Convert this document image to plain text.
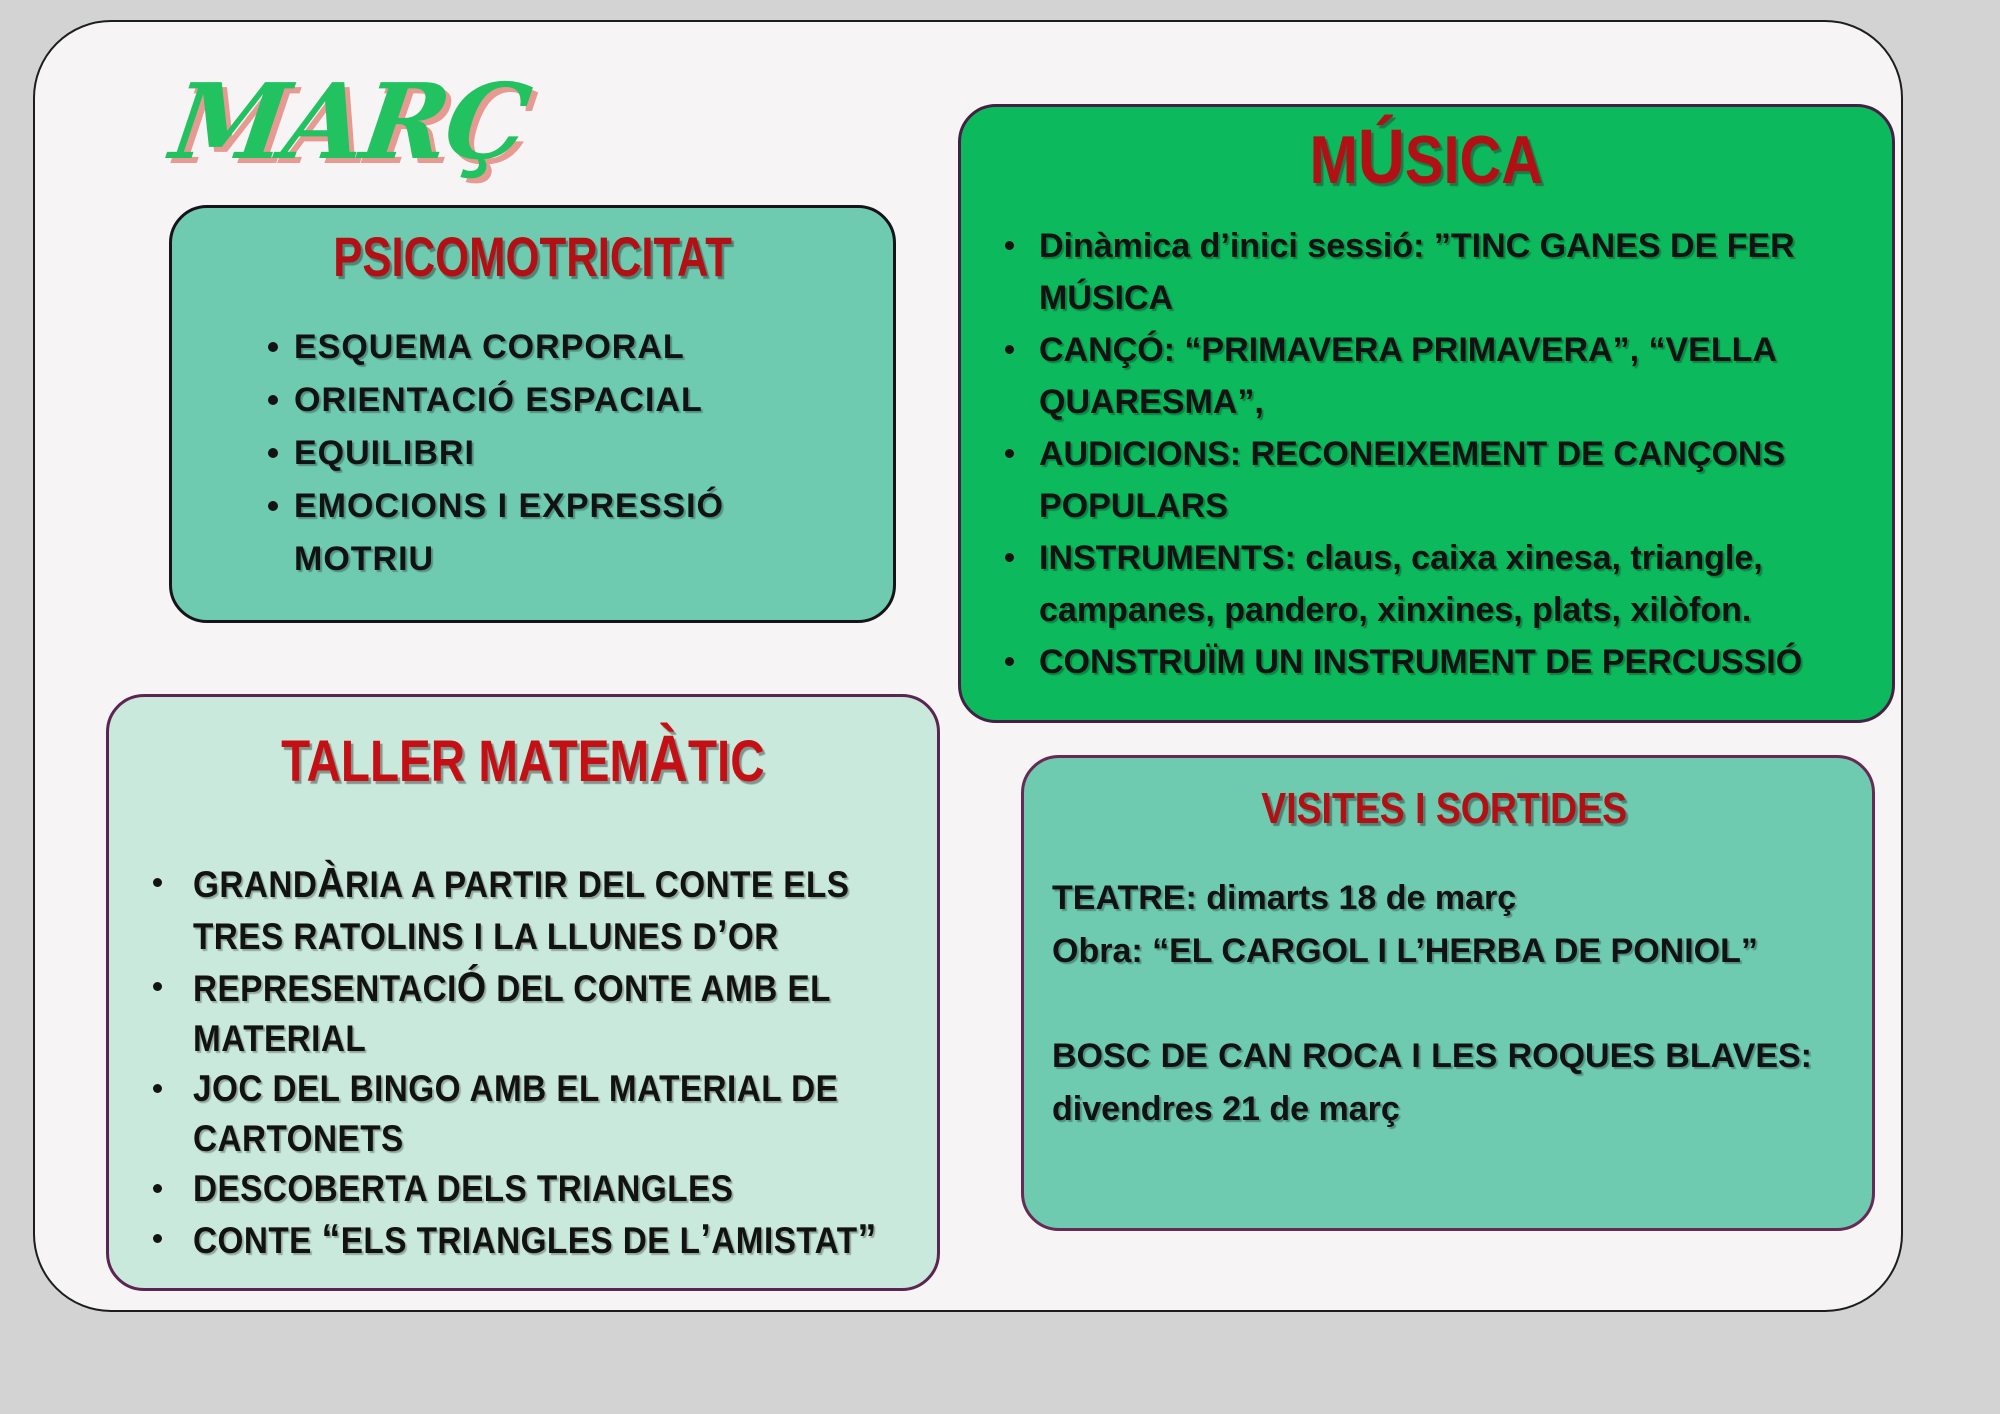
MARÇ
PSICOMOTRICITAT
ESQUEMA CORPORAL
ORIENTACIÓ ESPACIAL
EQUILIBRI
EMOCIONS I EXPRESSIÓ MOTRIU
MÚSICA
Dinàmica d’inici sessió: ”TINC GANES DE FER MÚSICA
CANÇÓ: “PRIMAVERA PRIMAVERA”, “VELLA QUARESMA”,
AUDICIONS: RECONEIXEMENT DE CANÇONS POPULARS
INSTRUMENTS: claus, caixa xinesa, triangle, campanes, pandero, xinxines, plats, xilòfon.
CONSTRUÏM UN INSTRUMENT DE PERCUSSIÓ
TALLER MATEMÀTIC
GRANDÀRIA A PARTIR DEL CONTE ELS TRES RATOLINS I LA LLUNES D’OR
REPRESENTACIÓ DEL CONTE AMB EL MATERIAL
JOC DEL BINGO AMB EL MATERIAL DE CARTONETS
DESCOBERTA DELS TRIANGLES
CONTE “ELS TRIANGLES DE L’AMISTAT”
VISITES I SORTIDES
TEATRE: dimarts 18 de març
Obra: “EL CARGOL I L’HERBA DE PONIOL”

BOSC DE CAN ROCA I LES ROQUES BLAVES: divendres 21 de març
